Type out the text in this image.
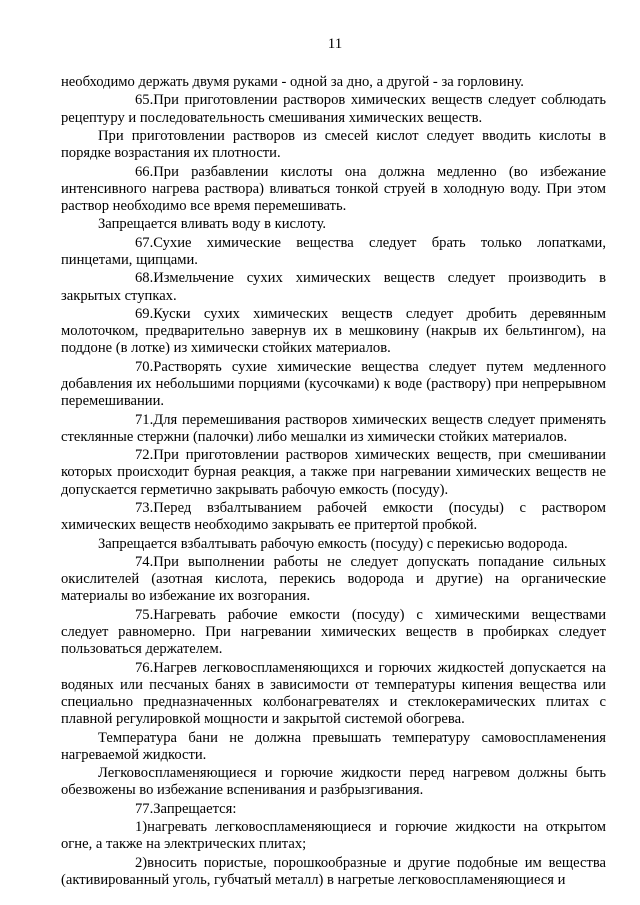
11

необходимо держать двумя руками - одной за дно, а другой - за горловину.

65.При приготовлении растворов химических веществ следует соблюдать рецептуру и последовательность смешивания химических веществ.

При приготовлении растворов из смесей кислот следует вводить кислоты в порядке возрастания их плотности.

66.При разбавлении кислоты она должна медленно (во избежание интенсивного нагрева раствора) вливаться тонкой струей в холодную воду. При этом раствор необходимо все время перемешивать.

Запрещается вливать воду в кислоту.

67.Сухие химические вещества следует брать только лопатками, пинцетами, щипцами.

68.Измельчение сухих химических веществ следует производить в закрытых ступках.

69.Куски сухих химических веществ следует дробить деревянным молоточком, предварительно завернув их в мешковину (накрыв их бельтингом), на поддоне (в лотке) из химически стойких материалов.

70.Растворять сухие химические вещества следует путем медленного добавления их небольшими порциями (кусочками) к воде (раствору) при непрерывном перемешивании.

71.Для перемешивания растворов химических веществ следует применять стеклянные стержни (палочки) либо мешалки из химически стойких материалов.

72.При приготовлении растворов химических веществ, при смешивании которых происходит бурная реакция, а также при нагревании химических веществ не допускается герметично закрывать рабочую емкость (посуду).

73.Перед взбалтыванием рабочей емкости (посуды) с раствором химических веществ необходимо закрывать ее притертой пробкой.

Запрещается взбалтывать рабочую емкость (посуду) с перекисью водорода.

74.При выполнении работы не следует допускать попадание сильных окислителей (азотная кислота, перекись водорода и другие) на органические материалы во избежание их возгорания.

75.Нагревать рабочие емкости (посуду) с химическими веществами следует равномерно. При нагревании химических веществ в пробирках следует пользоваться держателем.

76.Нагрев легковоспламеняющихся и горючих жидкостей допускается на водяных или песчаных банях в зависимости от температуры кипения вещества или специально предназначенных колбонагревателях и стеклокерамических плитах с плавной регулировкой мощности и закрытой системой обогрева.

Температура бани не должна превышать температуру самовоспламенения нагреваемой жидкости.

Легковоспламеняющиеся и горючие жидкости перед нагревом должны быть обезвожены во избежание вспенивания и разбрызгивания.

77.Запрещается:

1)нагревать легковоспламеняющиеся и горючие жидкости на открытом огне, а также на электрических плитах;

2)вносить пористые, порошкообразные и другие подобные им вещества (активированный уголь, губчатый металл) в нагретые легковоспламеняющиеся и
